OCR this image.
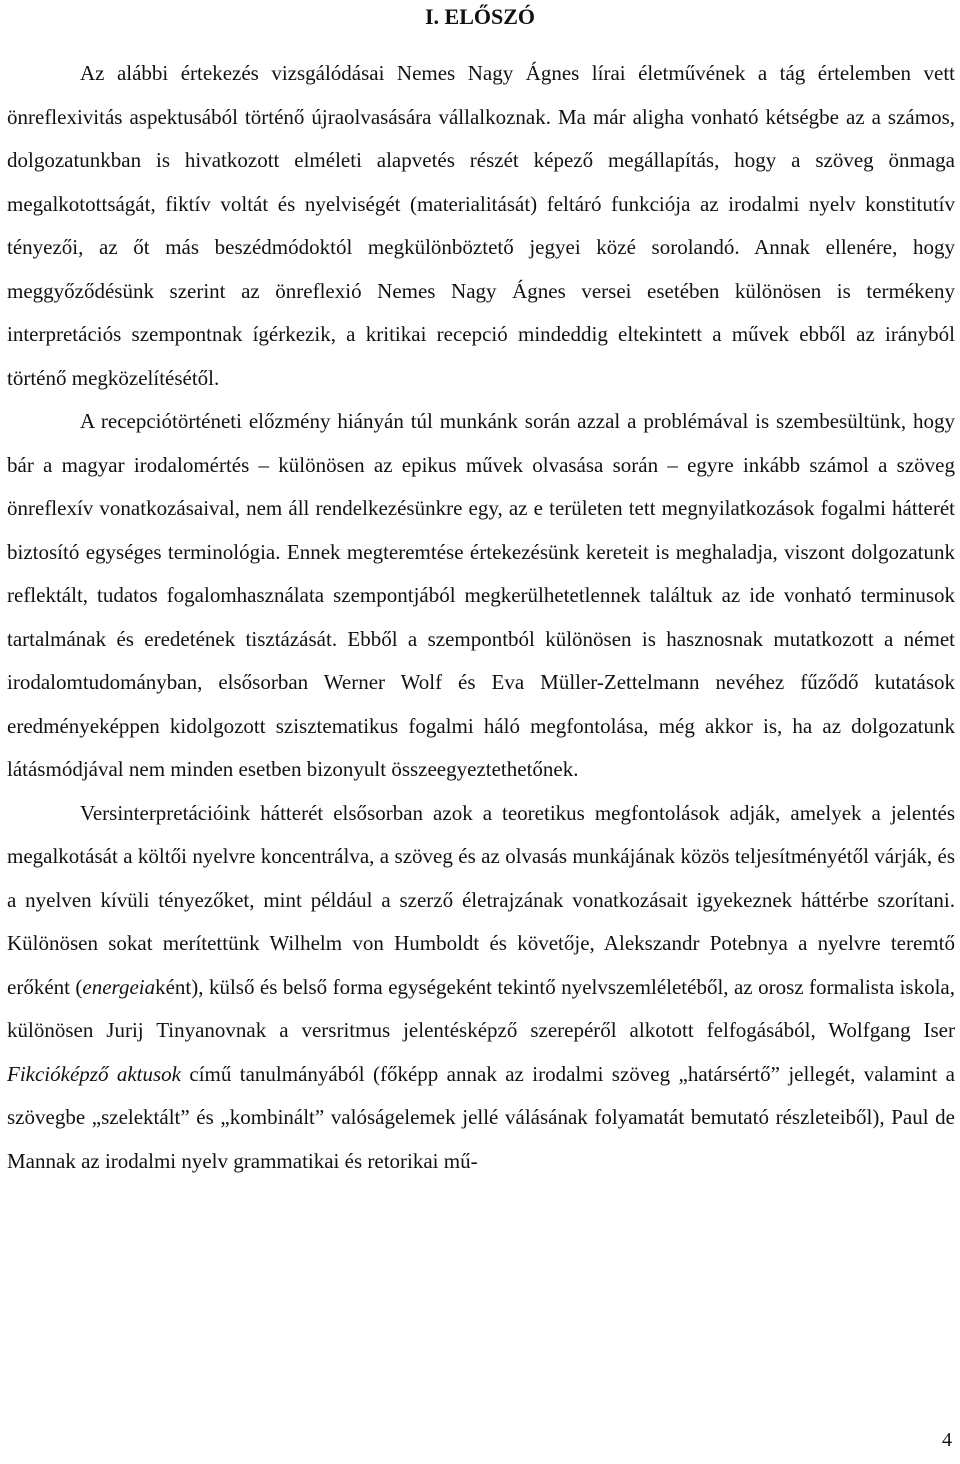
I. ELŐSZÓ

Az alábbi értekezés vizsgálódásai Nemes Nagy Ágnes lírai életművének a tág értelemben vett önreflexivitás aspektusából történő újraolvasására vállalkoznak. Ma már aligha vonható kétségbe az a számos, dolgozatunkban is hivatkozott elméleti alapvetés részét képező megállapítás, hogy a szöveg önmaga megalkotottságát, fiktív voltát és nyelviségét (materialitását) feltáró funkciója az irodalmi nyelv konstitutív tényezői, az őt más beszédmódoktól megkülönböztető jegyei közé sorolandó. Annak ellenére, hogy meggyőződésünk szerint az önreflexió Nemes Nagy Ágnes versei esetében különösen is termékeny interpretációs szempontnak ígérkezik, a kritikai recepció mindeddig eltekintett a művek ebből az irányból történő megközelítésétől.

A recepciótörténeti előzmény hiányán túl munkánk során azzal a problémával is szembesültünk, hogy bár a magyar irodalomértés – különösen az epikus művek olvasása során – egyre inkább számol a szöveg önreflexív vonatkozásaival, nem áll rendelkezésünkre egy, az e területen tett megnyilatkozások fogalmi hátterét biztosító egységes terminológia. Ennek megteremtése értekezésünk kereteit is meghaladja, viszont dolgozatunk reflektált, tudatos fogalomhasználata szempontjából megkerülhetetlennek találtuk az ide vonható terminusok tartalmának és eredetének tisztázását. Ebből a szempontból különösen is hasznosnak mutatkozott a német irodalomtudományban, elsősorban Werner Wolf és Eva Müller-Zettelmann nevéhez fűződő kutatások eredményeképpen kidolgozott szisztematikus fogalmi háló megfontolása, még akkor is, ha az dolgozatunk látásmódjával nem minden esetben bizonyult összeegyeztethetőnek.

Versinterpretációink hátterét elsősorban azok a teoretikus megfontolások adják, amelyek a jelentés megalkotását a költői nyelvre koncentrálva, a szöveg és az olvasás munkájának közös teljesítményétől várják, és a nyelven kívüli tényezőket, mint például a szerző életrajzának vonatkozásait igyekeznek háttérbe szorítani. Különösen sokat merítettünk Wilhelm von Humboldt és követője, Alekszandr Potebnya a nyelvre teremtő erőként (energeiaként), külső és belső forma egységeként tekintő nyelvszemléletéből, az orosz formalista iskola, különösen Jurij Tinyanovnak a versritmus jelentésképző szerepéről alkotott felfogásából, Wolfgang Iser Fikcióképző aktusok című tanulmányából (főképp annak az irodalmi szöveg „határsértő” jellegét, valamint a szövegbe „szelektált” és „kombinált” valóságelemek jellé válásának folyamatát bemutató részleteiből), Paul de Mannak az irodalmi nyelv grammatikai és retorikai mű-

4
